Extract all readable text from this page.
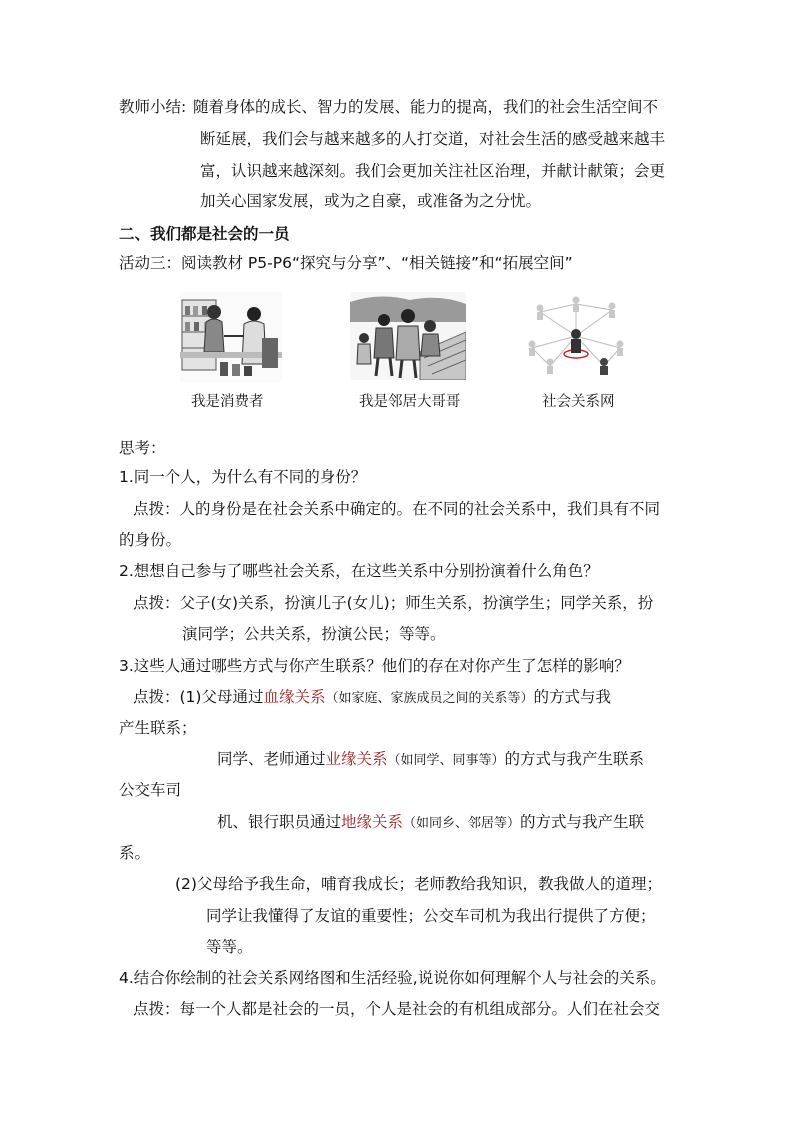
教师小结: 随着身体的成长、智力的发展、能力的提高，我们的社会生活空间不
断延展，我们会与越来越多的人打交道，对社会生活的感受越来越丰
富，认识越来越深刻。我们会更加关注社区治理，并献计献策；会更
加关心国家发展，或为之自豪，或准备为之分忧。
二、我们都是社会的一员
活动三：阅读教材 P5-P6“探究与分享”、“相关链接”和“拓展空间”
我是消费者	我是邻居大哥哥	社会关系网
思考：
1.同一个人，为什么有不同的身份？
点拨：人的身份是在社会关系中确定的。在不同的社会关系中，我们具有不同
的身份。
2.想想自己参与了哪些社会关系，在这些关系中分别扮演着什么角色？
点拨：父子(女)关系，扮演儿子(女儿)；师生关系，扮演学生；同学关系，扮
演同学；公共关系，扮演公民；等等。
3.这些人通过哪些方式与你产生联系？他们的存在对你产生了怎样的影响？
点拨：(1)父母通过血缘关系（如家庭、家族成员之间的关系等）的方式与我
产生联系；
同学、老师通过业缘关系（如同学、同事等）的方式与我产生联系
公交车司
机、银行职员通过地缘关系（如同乡、邻居等）的方式与我产生联
系。
(2)父母给予我生命，哺育我成长；老师教给我知识，教我做人的道理；
同学让我懂得了友谊的重要性；公交车司机为我出行提供了方便；
等等。
4.结合你绘制的社会关系网络图和生活经验,说说你如何理解个人与社会的关系。
点拨：每一个人都是社会的一员，个人是社会的有机组成部分。人们在社会交
